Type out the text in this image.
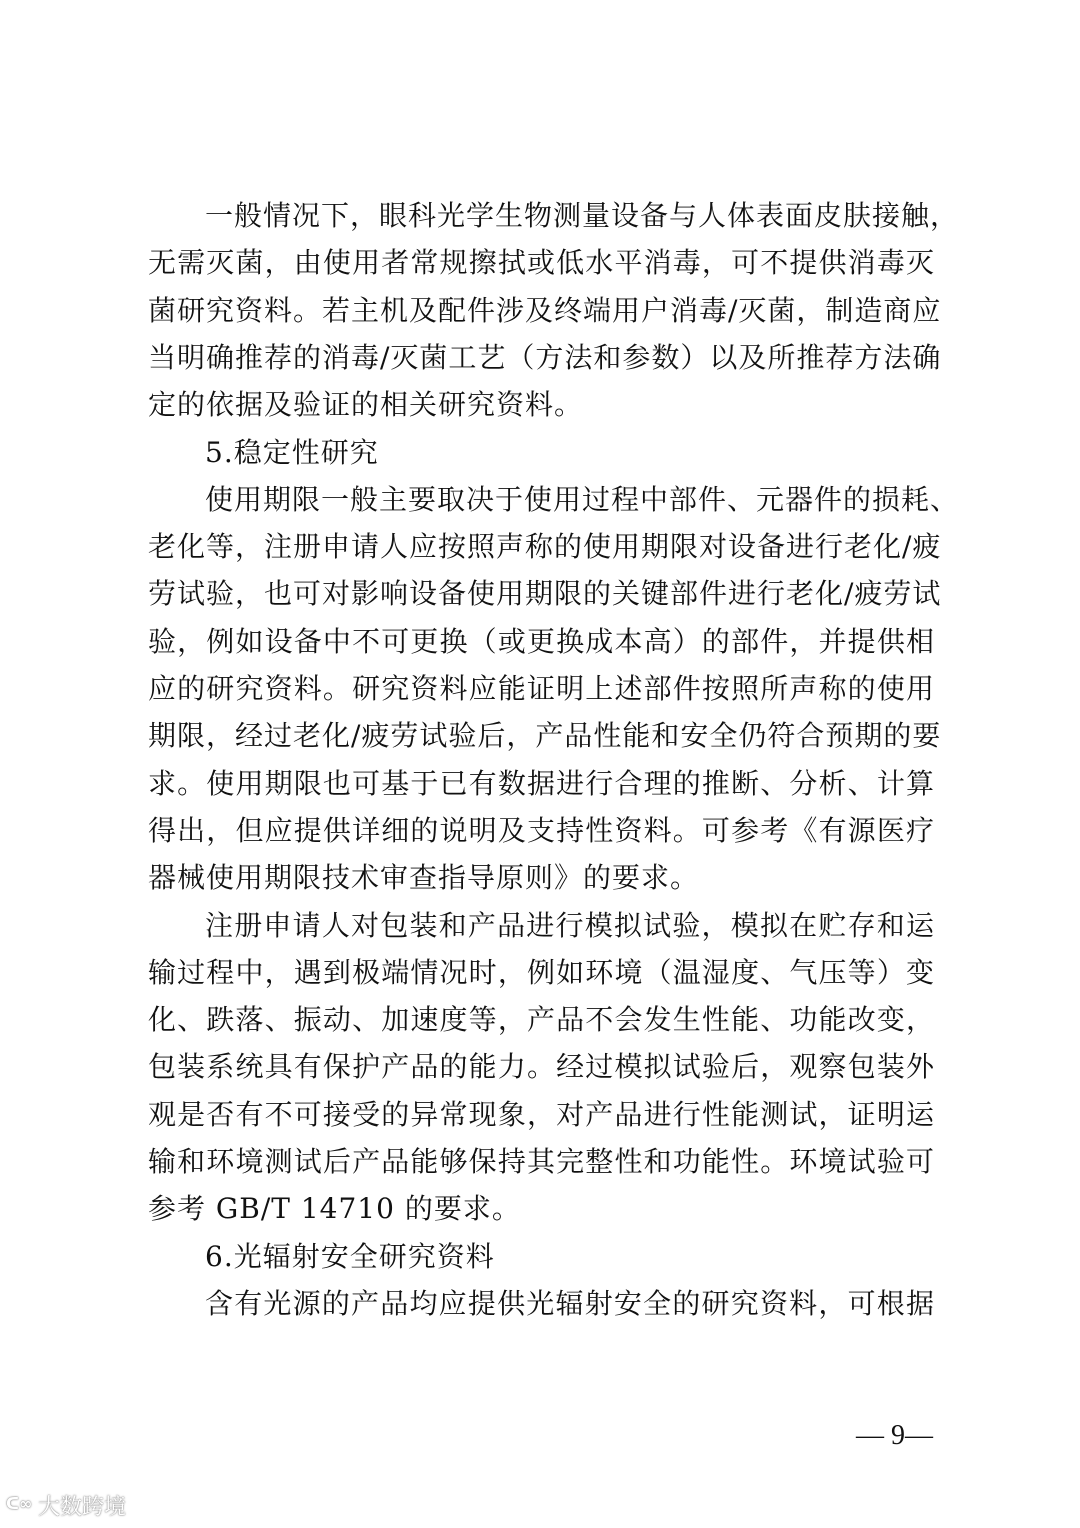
一般情况下，眼科光学生物测量设备与人体表面皮肤接触，
无需灭菌，由使用者常规擦拭或低水平消毒，可不提供消毒灭
菌研究资料。若主机及配件涉及终端用户消毒/灭菌，制造商应
当明确推荐的消毒/灭菌工艺（方法和参数）以及所推荐方法确
定的依据及验证的相关研究资料。
5.稳定性研究
使用期限一般主要取决于使用过程中部件、元器件的损耗、
老化等，注册申请人应按照声称的使用期限对设备进行老化/疲
劳试验，也可对影响设备使用期限的关键部件进行老化/疲劳试
验，例如设备中不可更换（或更换成本高）的部件，并提供相
应的研究资料。研究资料应能证明上述部件按照所声称的使用
期限，经过老化/疲劳试验后，产品性能和安全仍符合预期的要
求。使用期限也可基于已有数据进行合理的推断、分析、计算
得出，但应提供详细的说明及支持性资料。可参考《有源医疗
器械使用期限技术审查指导原则》的要求。
注册申请人对包装和产品进行模拟试验，模拟在贮存和运
输过程中，遇到极端情况时，例如环境（温湿度、气压等）变
化、跌落、振动、加速度等，产品不会发生性能、功能改变，
包装系统具有保护产品的能力。经过模拟试验后，观察包装外
观是否有不可接受的异常现象，对产品进行性能测试，证明运
输和环境测试后产品能够保持其完整性和功能性。环境试验可
参考 GB/T 14710 的要求。
6.光辐射安全研究资料
含有光源的产品均应提供光辐射安全的研究资料，可根据
— 9—
ᑕ∞ 大数跨境
